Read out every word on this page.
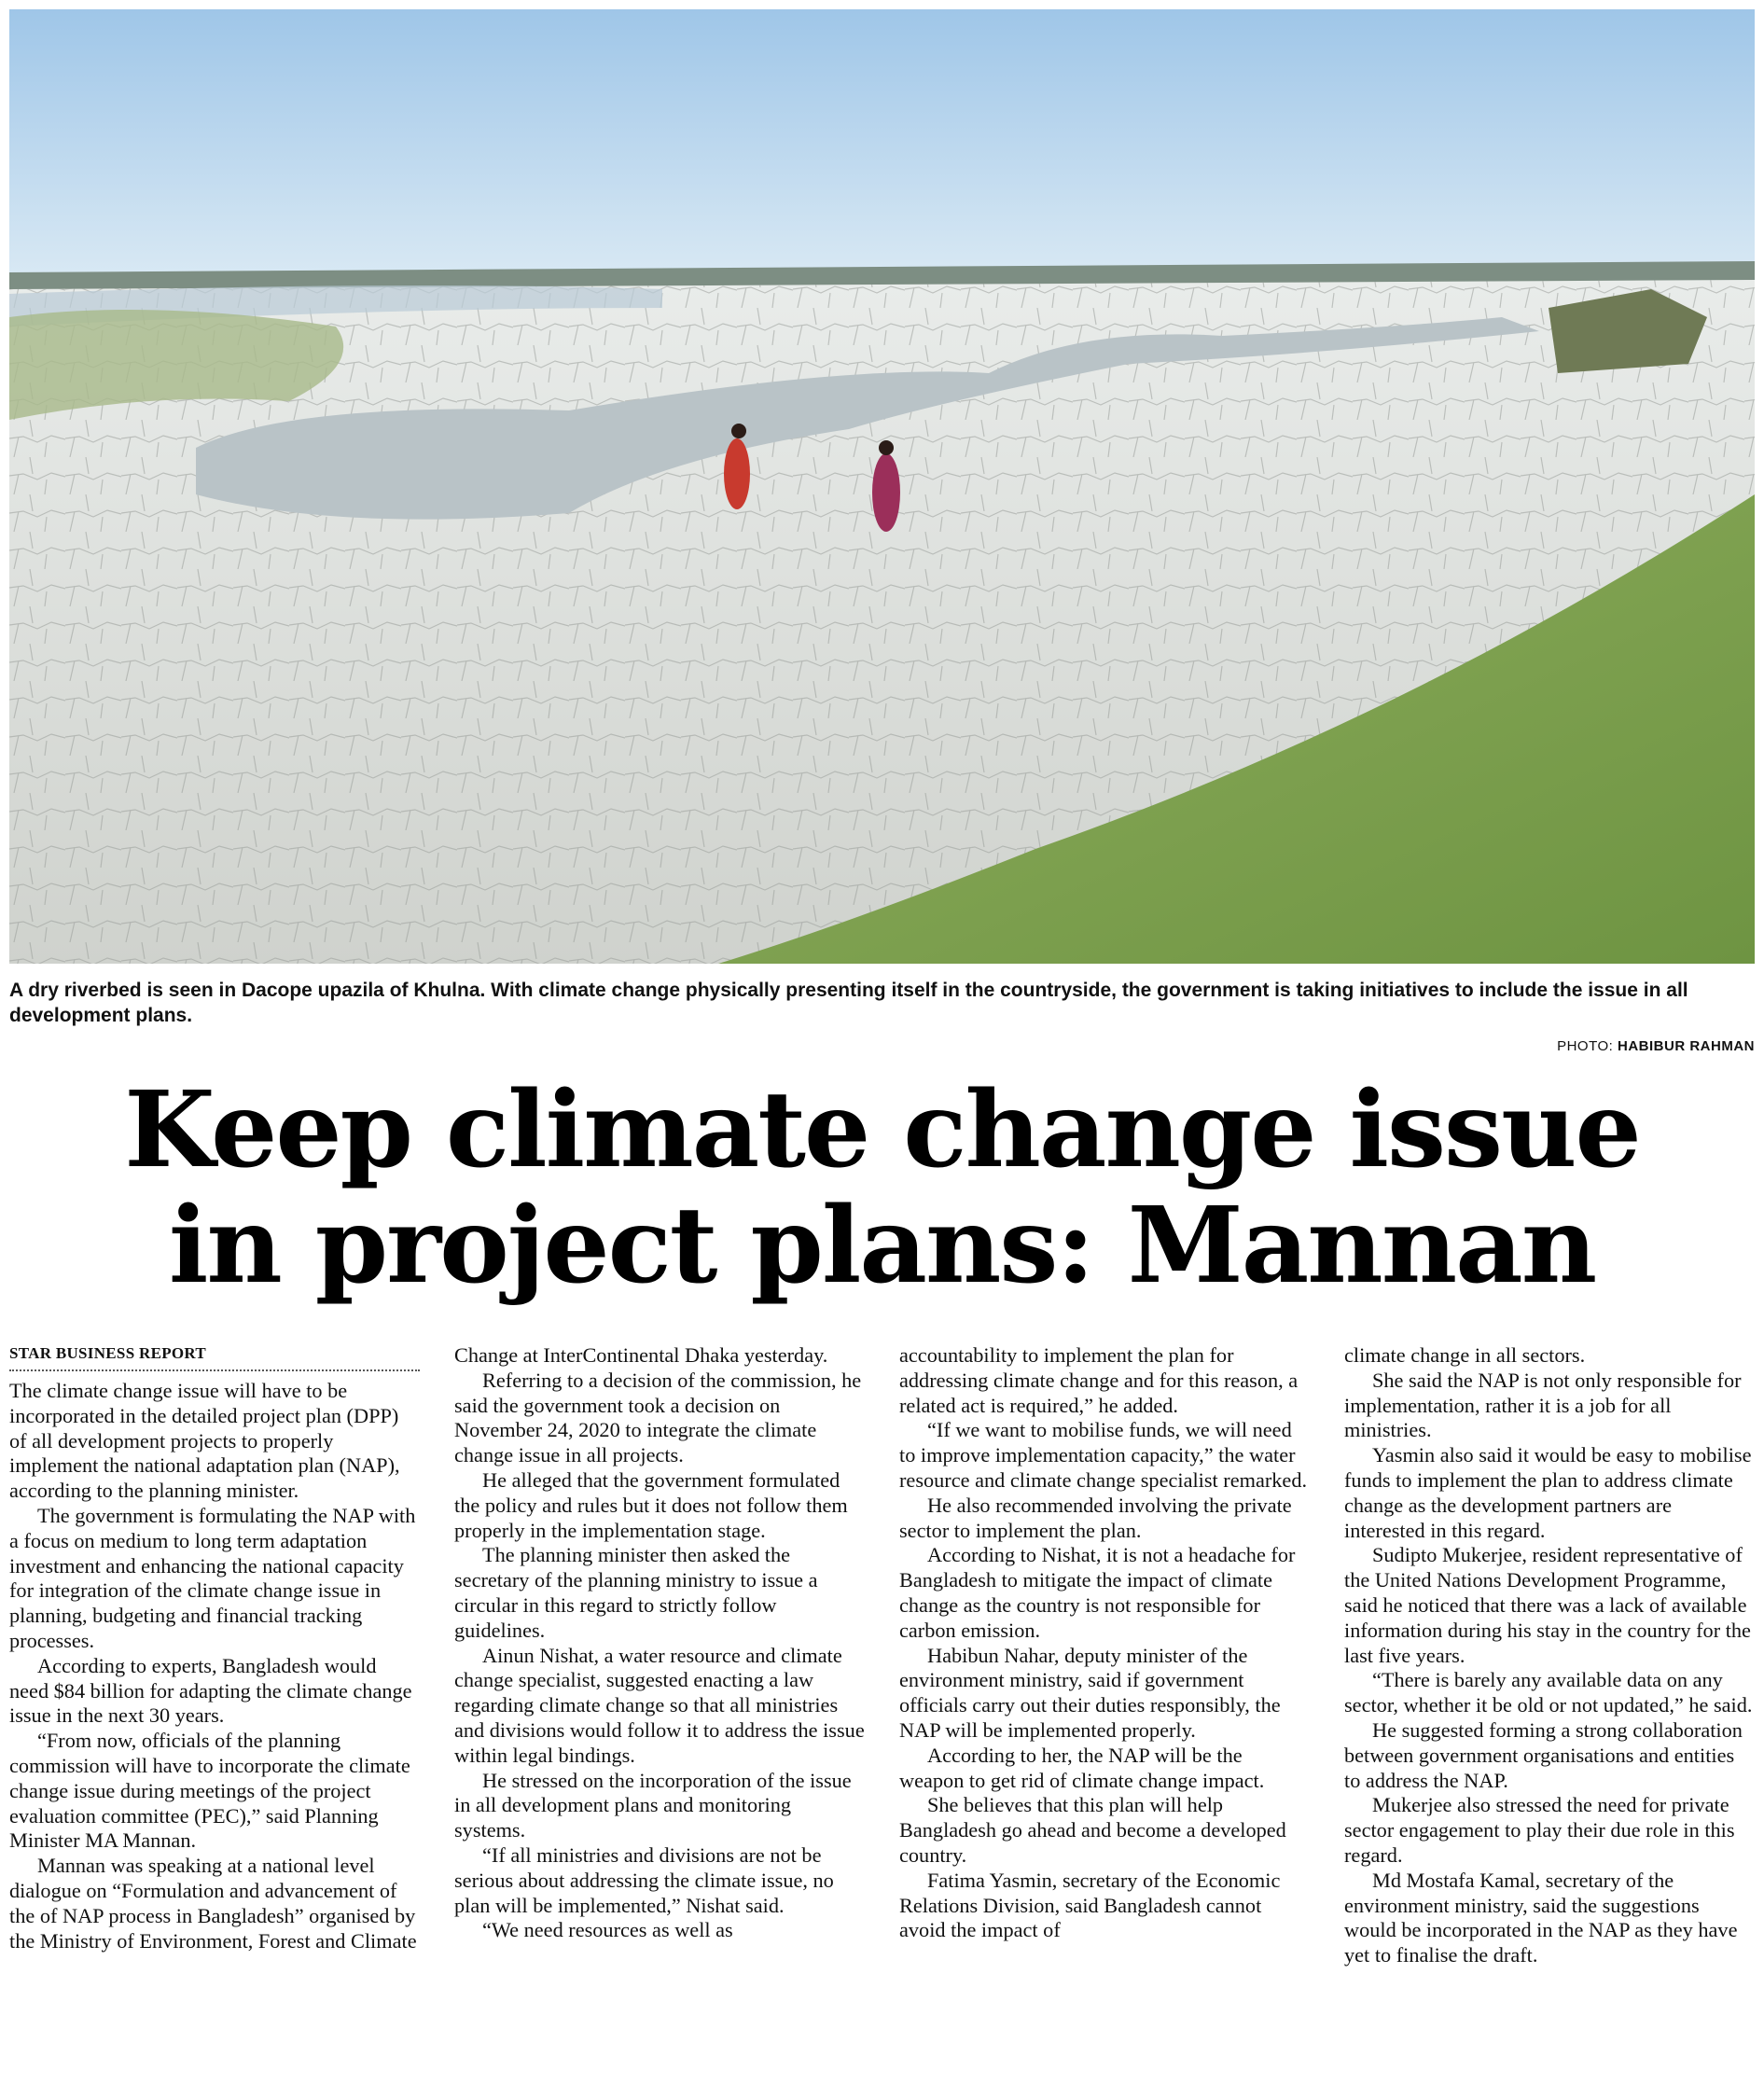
A dry riverbed is seen in Dacope upazila of Khulna. With climate change physically presenting itself in the countryside, the government is taking initiatives to include the issue in all development plans.
PHOTO: HABIBUR RAHMAN
Keep climate change issue
in project plans: Mannan
STAR BUSINESS REPORT

The climate change issue will have to be incorporated in the detailed project plan (DPP) of all development projects to properly implement the national adaptation plan (NAP), according to the planning minister.

The government is formulating the NAP with a focus on medium to long term adaptation investment and enhancing the national capacity for integration of the climate change issue in planning, budgeting and financial tracking processes.

According to experts, Bangladesh would need $84 billion for adapting the climate change issue in the next 30 years.

“From now, officials of the planning commission will have to incorporate the climate change issue during meetings of the project evaluation committee (PEC),” said Planning Minister MA Mannan.

Mannan was speaking at a national level dialogue on “Formulation and advancement of the of NAP process in Bangladesh” organised by the Ministry of Environment, Forest and Climate

Change at InterContinental Dhaka yesterday.

Referring to a decision of the commission, he said the government took a decision on November 24, 2020 to integrate the climate change issue in all projects.

He alleged that the government formulated the policy and rules but it does not follow them properly in the implementation stage.

The planning minister then asked the secretary of the planning ministry to issue a circular in this regard to strictly follow guidelines.

Ainun Nishat, a water resource and climate change specialist, suggested enacting a law regarding climate change so that all ministries and divisions would follow it to address the issue within legal bindings.

He stressed on the incorporation of the issue in all development plans and monitoring systems.

“If all ministries and divisions are not be serious about addressing the climate issue, no plan will be implemented,” Nishat said.

“We need resources as well as

accountability to implement the plan for addressing climate change and for this reason, a related act is required,” he added.

“If we want to mobilise funds, we will need to improve implementation capacity,” the water resource and climate change specialist remarked.

He also recommended involving the private sector to implement the plan.

According to Nishat, it is not a headache for Bangladesh to mitigate the impact of climate change as the country is not responsible for carbon emission.

Habibun Nahar, deputy minister of the environment ministry, said if government officials carry out their duties responsibly, the NAP will be implemented properly.

According to her, the NAP will be the weapon to get rid of climate change impact.

She believes that this plan will help Bangladesh go ahead and become a developed country.

Fatima Yasmin, secretary of the Economic Relations Division, said Bangladesh cannot avoid the impact of

climate change in all sectors.

She said the NAP is not only responsible for implementation, rather it is a job for all ministries.

Yasmin also said it would be easy to mobilise funds to implement the plan to address climate change as the development partners are interested in this regard.

Sudipto Mukerjee, resident representative of the United Nations Development Programme, said he noticed that there was a lack of available information during his stay in the country for the last five years.

“There is barely any available data on any sector, whether it be old or not updated,” he said.

He suggested forming a strong collaboration between government organisations and entities to address the NAP.

Mukerjee also stressed the need for private sector engagement to play their due role in this regard.

Md Mostafa Kamal, secretary of the environment ministry, said the suggestions would be incorporated in the NAP as they have yet to finalise the draft.
